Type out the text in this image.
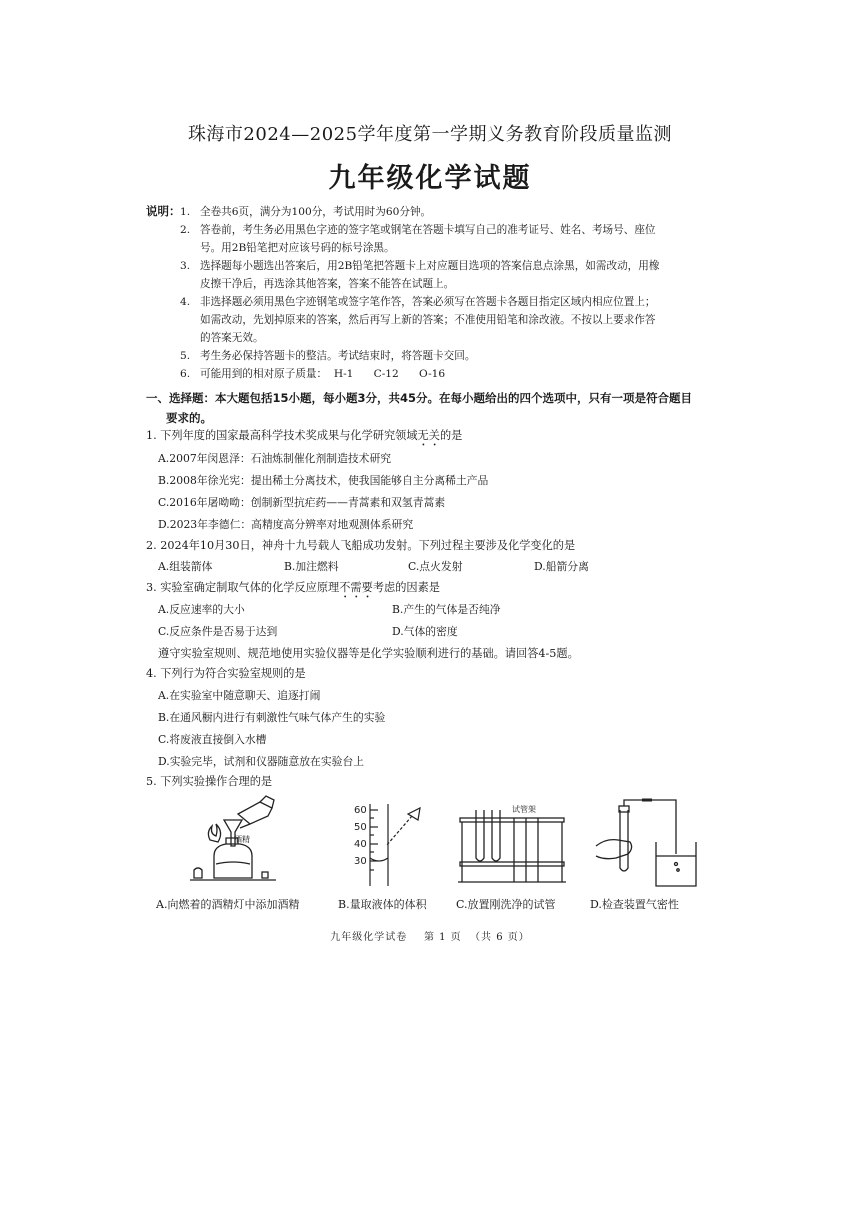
珠海市2024—2025学年度第一学期义务教育阶段质量监测
九年级化学试题
说明： 1. 全卷共6页，满分为100分，考试用时为60分钟。
2. 答卷前，考生务必用黑色字迹的签字笔或钢笔在答题卡填写自己的准考证号、姓名、考场号、座位
号。用2B铅笔把对应该号码的标号涂黑。
3. 选择题每小题选出答案后，用2B铅笔把答题卡上对应题目选项的答案信息点涂黑，如需改动，用橡
皮擦干净后，再选涂其他答案，答案不能答在试题上。
4. 非选择题必须用黑色字迹钢笔或签字笔作答，答案必须写在答题卡各题目指定区域内相应位置上；
如需改动，先划掉原来的答案，然后再写上新的答案；不准使用铅笔和涂改液。不按以上要求作答
的答案无效。
5. 考生务必保持答题卡的整洁。考试结束时，将答题卡交回。
6. 可能用到的相对原子质量：  H-1      C-12      O-16
一、选择题：本大题包括15小题，每小题3分，共45分。在每小题给出的四个选项中，只有一项是符合题目
要求的。
1. 下列年度的国家最高科学技术奖成果与化学研究领域无关的是
A.2007年闵恩泽：石油炼制催化剂制造技术研究
B.2008年徐光宪：提出稀土分离技术，使我国能够自主分离稀土产品
C.2016年屠呦呦：创制新型抗疟药——青蒿素和双氢青蒿素
D.2023年李德仁：高精度高分辨率对地观测体系研究
2. 2024年10月30日，神舟十九号载人飞船成功发射。下列过程主要涉及化学变化的是
A.组装箭体	B.加注燃料	C.点火发射	D.船箭分离
3. 实验室确定制取气体的化学反应原理不需要考虑的因素是
A.反应速率的大小	B.产生的气体是否纯净
C.反应条件是否易于达到	D.气体的密度
遵守实验室规则、规范地使用实验仪器等是化学实验顺利进行的基础。请回答4-5题。
4. 下列行为符合实验室规则的是
A.在实验室中随意聊天、追逐打闹
B.在通风橱内进行有刺激性气味气体产生的实验
C.将废液直接倒入水槽
D.实验完毕，试剂和仪器随意放在实验台上
5. 下列实验操作合理的是
酒精
60
50
40
30
试管架
A.向燃着的酒精灯中添加酒精	B.量取液体的体积	C.放置刚洗净的试管	D.检查装置气密性
九年级化学试卷    第 1 页  （共 6 页）
